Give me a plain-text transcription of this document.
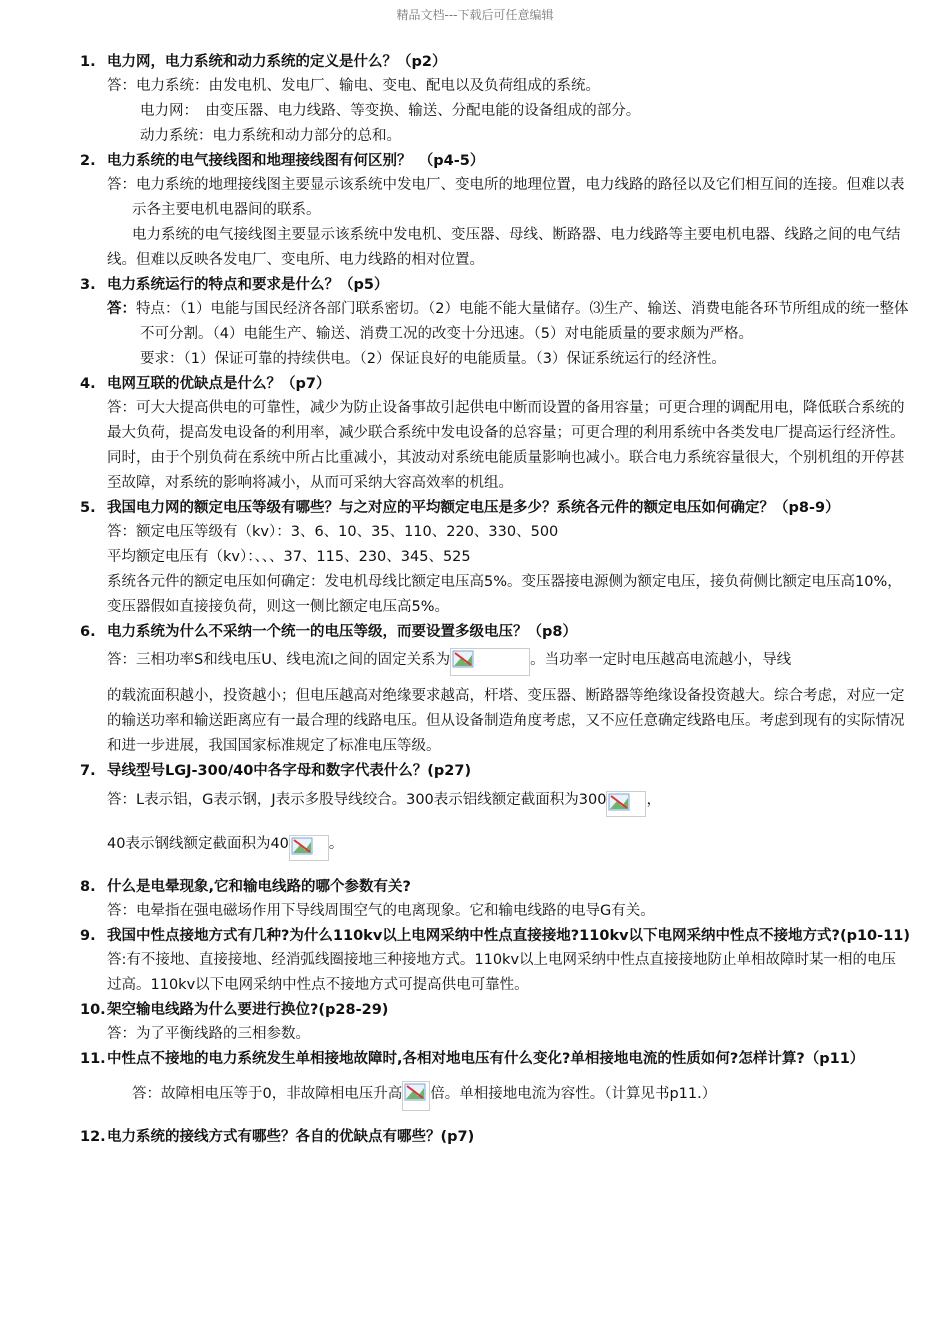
精品文档---下载后可任意编辑
1. 电力网，电力系统和动力系统的定义是什么？（p2）
答：电力系统：由发电机、发电厂、输电、变电、配电以及负荷组成的系统。
电力网：　由变压器、电力线路、等变换、输送、分配电能的设备组成的部分。
动力系统：电力系统和动力部分的总和。
2. 电力系统的电气接线图和地理接线图有何区别？　（p4-5）
答：电力系统的地理接线图主要显示该系统中发电厂、变电所的地理位置，电力线路的路径以及它们相互间的连接。但难以表示各主要电机电器间的联系。
电力系统的电气接线图主要显示该系统中发电机、变压器、母线、断路器、电力线路等主要电机电器、线路之间的电气结线。但难以反映各发电厂、变电所、电力线路的相对位置。
3. 电力系统运行的特点和要求是什么？（p5）
答：特点：（1）电能与国民经济各部门联系密切。（2）电能不能大量储存。⑶生产、输送、消费电能各环节所组成的统一整体不可分割。（4）电能生产、输送、消费工况的改变十分迅速。（5）对电能质量的要求颇为严格。
要求：（1）保证可靠的持续供电。（2）保证良好的电能质量。（3）保证系统运行的经济性。
4. 电网互联的优缺点是什么？（p7）
答：可大大提高供电的可靠性，减少为防止设备事故引起供电中断而设置的备用容量；可更合理的调配用电，降低联合系统的最大负荷，提高发电设备的利用率，减少联合系统中发电设备的总容量；可更合理的利用系统中各类发电厂提高运行经济性。同时，由于个别负荷在系统中所占比重减小，其波动对系统电能质量影响也减小。联合电力系统容量很大，个别机组的开停甚至故障，对系统的影响将减小，从而可采纳大容高效率的机组。
5. 我国电力网的额定电压等级有哪些？与之对应的平均额定电压是多少？系统各元件的额定电压如何确定？（p8-9）
答：额定电压等级有（kv）：3、6、10、35、110、220、330、500
平均额定电压有（kv）：、、、37、115、230、345、525
系统各元件的额定电压如何确定：发电机母线比额定电压高5%。变压器接电源侧为额定电压，接负荷侧比额定电压高10%，变压器假如直接接负荷，则这一侧比额定电压高5%。
6. 电力系统为什么不采纳一个统一的电压等级，而要设置多级电压？（p8）
答：三相功率S和线电压U、线电流I之间的固定关系为	。当功率一定时电压越高电流越小，导线
的载流面积越小，投资越小；但电压越高对绝缘要求越高，杆塔、变压器、断路器等绝缘设备投资越大。综合考虑，对应一定的输送功率和输送距离应有一最合理的线路电压。但从设备制造角度考虑，又不应任意确定线路电压。考虑到现有的实际情况和进一步进展，我国国家标准规定了标准电压等级。
7. 导线型号LGJ-300/40中各字母和数字代表什么？(p27)
答：L表示铝，G表示钢，J表示多股导线绞合。300表示铝线额定截面积为300	，
40表示钢线额定截面积为40	。
8. 什么是电晕现象,它和输电线路的哪个参数有关?
答：电晕指在强电磁场作用下导线周围空气的电离现象。它和输电线路的电导G有关。
9. 我国中性点接地方式有几种?为什么110kv以上电网采纳中性点直接接地?110kv以下电网采纳中性点不接地方式?(p10-11)
答:有不接地、直接接地、经消弧线圈接地三种接地方式。110kv以上电网采纳中性点直接接地防止单相故障时某一相的电压过高。110kv以下电网采纳中性点不接地方式可提高供电可靠性。
10. 架空输电线路为什么要进行换位?(p28-29)
答：为了平衡线路的三相参数。
11. 中性点不接地的电力系统发生单相接地故障时,各相对地电压有什么变化?单相接地电流的性质如何?怎样计算?（p11）
答：故障相电压等于0，非故障相电压升高 倍。单相接地电流为容性。（计算见书p11.）
12. 电力系统的接线方式有哪些？各自的优缺点有哪些？(p7)
